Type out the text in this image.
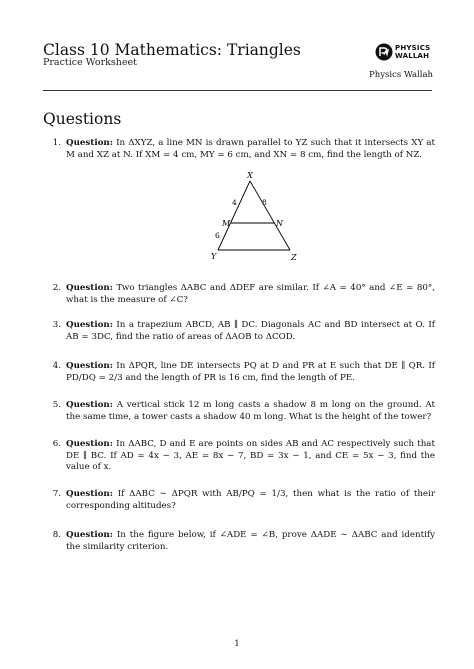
Class 10 Mathematics: Triangles
Practice Worksheet
PHYSICS
WALLAH
Physics Wallah
Questions
1. Question: In ΔXYZ, a line MN is drawn parallel to YZ such that it intersects XY at M and XZ at N. If XM = 4 cm, MY = 6 cm, and XN = 8 cm, find the length of NZ.
2. Question: Two triangles ΔABC and ΔDEF are similar. If ∠A = 40° and ∠E = 80°, what is the measure of ∠C?
3. Question: In a trapezium ABCD, AB ∥ DC. Diagonals AC and BD intersect at O. If AB = 3DC, find the ratio of areas of ΔAOB to ΔCOD.
4. Question: In ΔPQR, line DE intersects PQ at D and PR at E such that DE ∥ QR. If PD/DQ = 2/3 and the length of PR is 16 cm, find the length of PE.
5. Question: A vertical stick 12 m long casts a shadow 8 m long on the ground. At the same time, a tower casts a shadow 40 m long. What is the height of the tower?
6. Question: In ΔABC, D and E are points on sides AB and AC respectively such that DE ∥ BC. If AD = 4x − 3, AE = 8x − 7, BD = 3x − 1, and CE = 5x − 3, find the value of x.
7. Question: If ΔABC ∼ ΔPQR with AB/PQ = 1/3, then what is the ratio of their corresponding altitudes?
8. Question: In the figure below, if ∠ADE = ∠B, prove ΔADE ∼ ΔABC and identify the similarity criterion.
X
Y	Z
M	N
4	8
6
1
